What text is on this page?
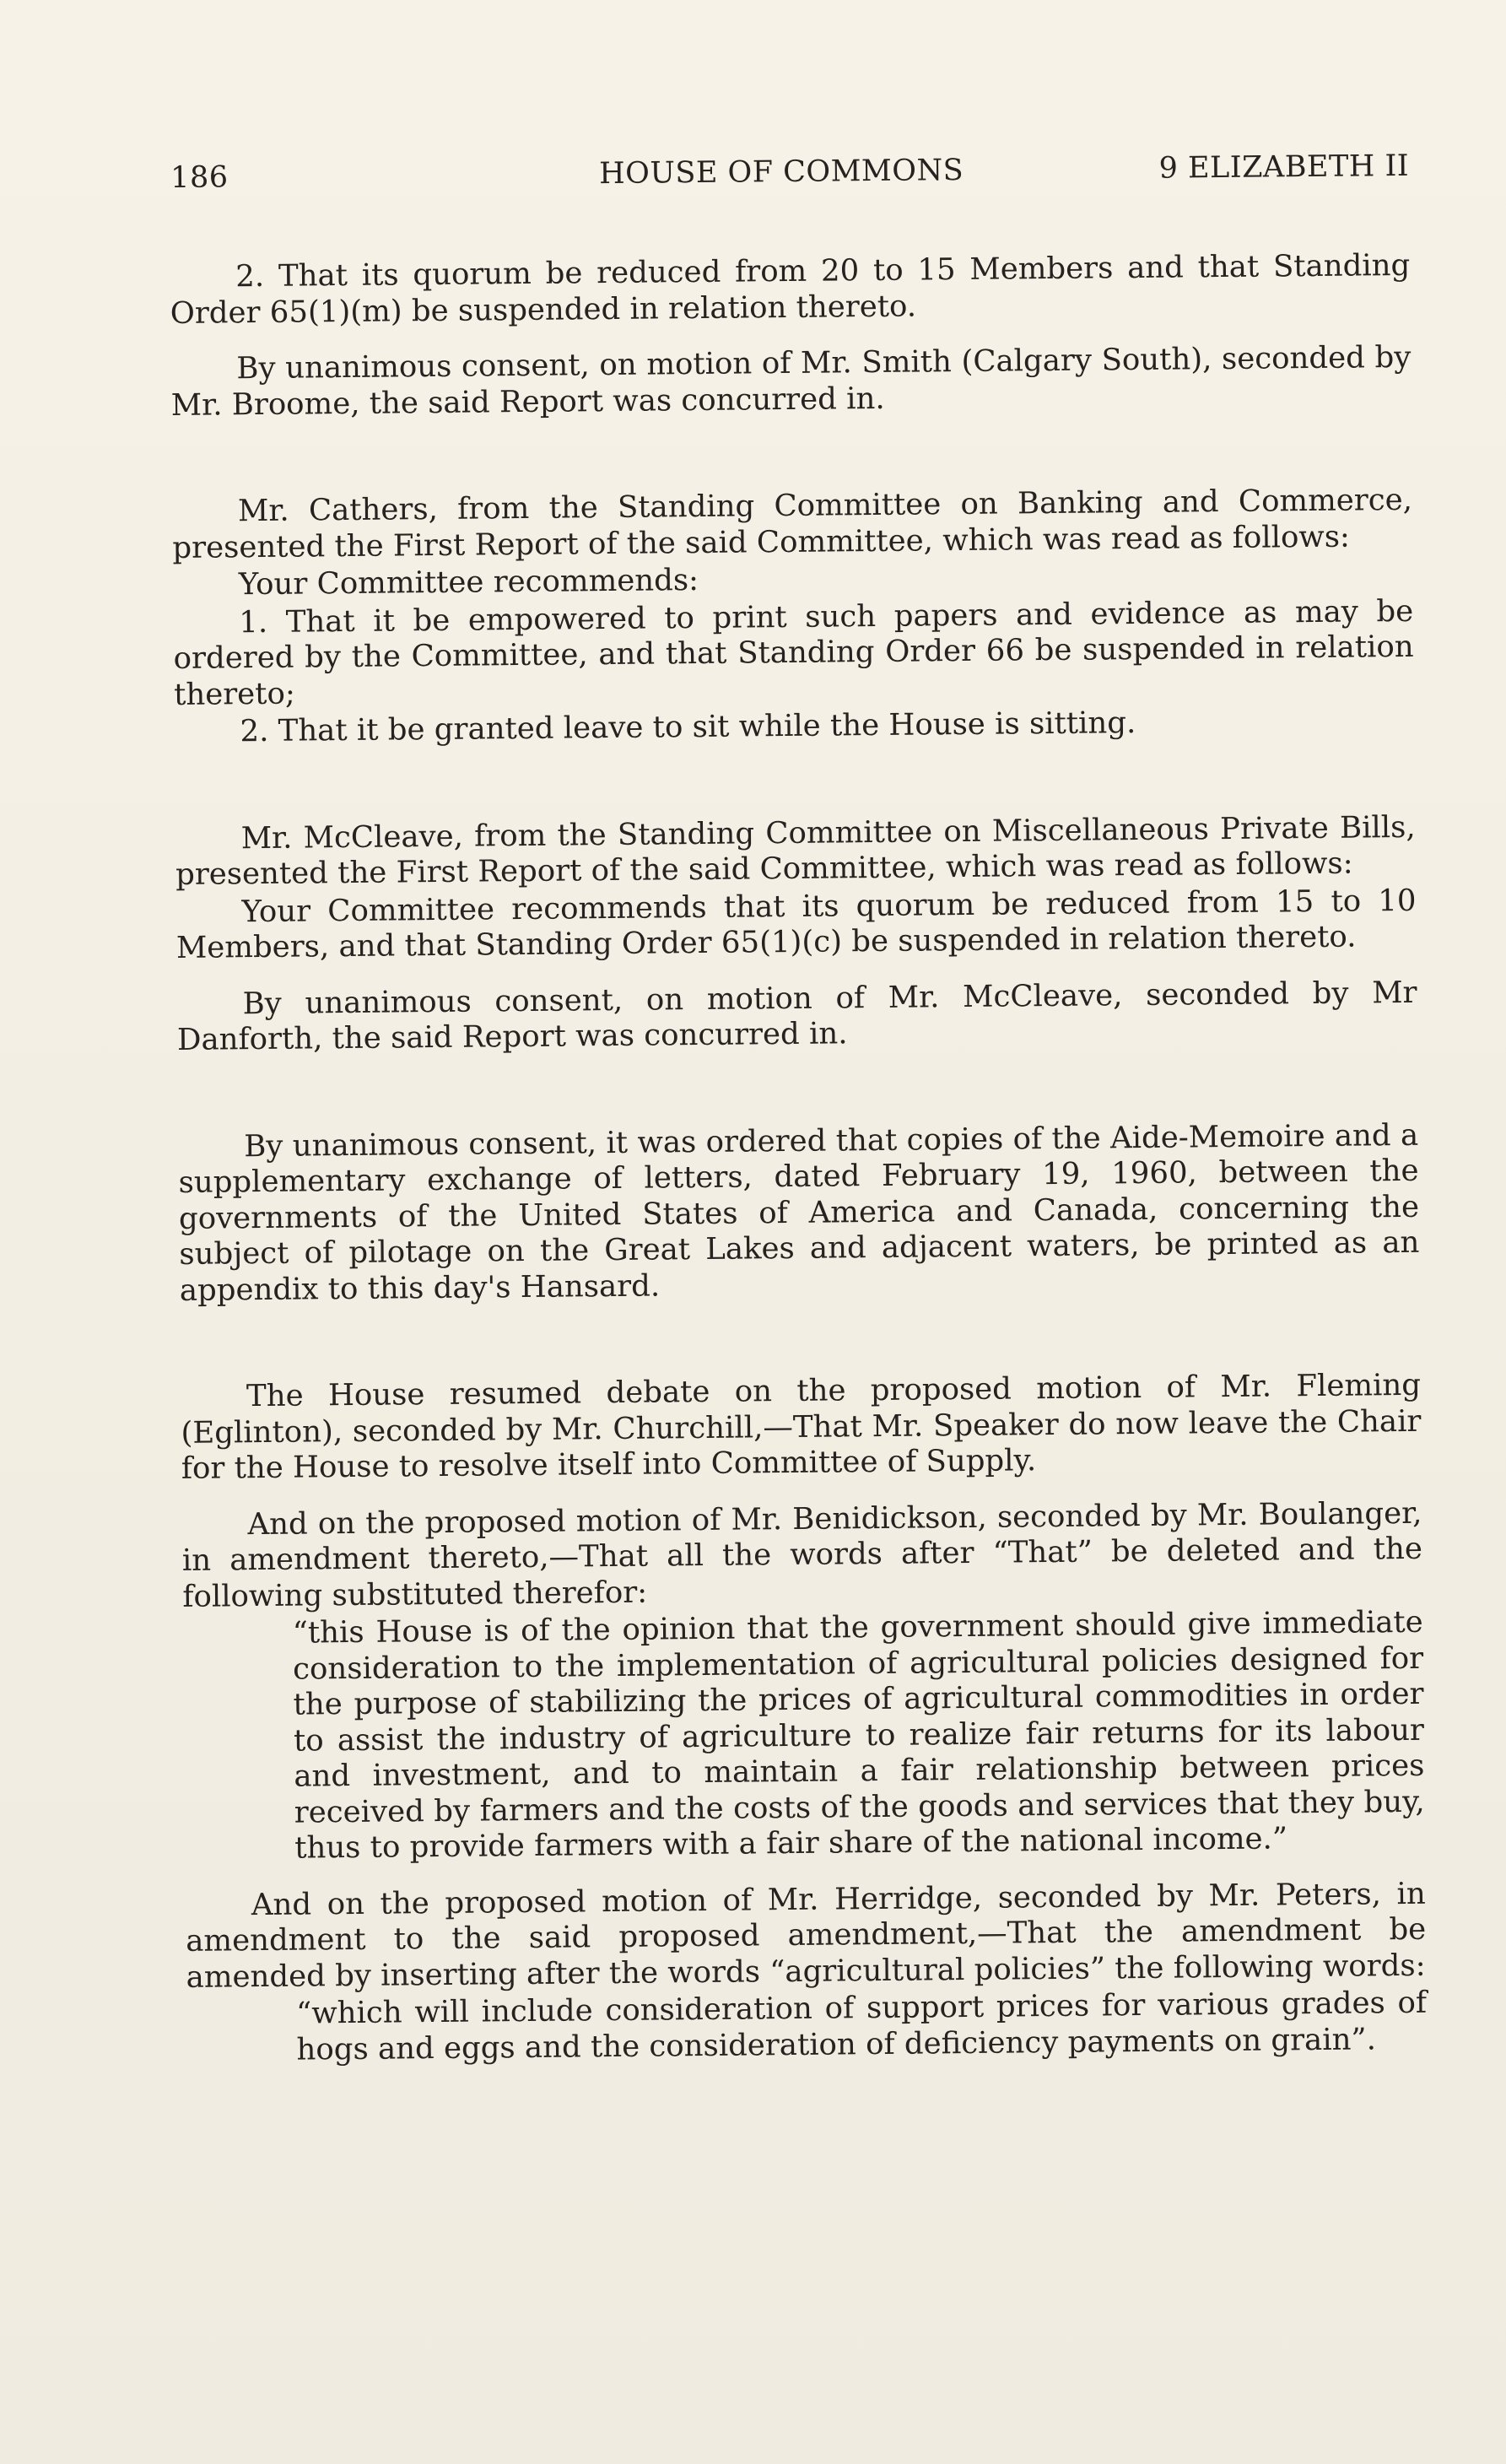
186	HOUSE OF COMMONS	9 ELIZABETH II

2. That its quorum be reduced from 20 to 15 Members and that Standing Order 65(1)(m) be suspended in relation thereto.

By unanimous consent, on motion of Mr. Smith (Calgary South), seconded by Mr. Broome, the said Report was concurred in.

Mr. Cathers, from the Standing Committee on Banking and Commerce, presented the First Report of the said Committee, which was read as follows:

Your Committee recommends:

1. That it be empowered to print such papers and evidence as may be ordered by the Committee, and that Standing Order 66 be suspended in relation thereto;

2. That it be granted leave to sit while the House is sitting.

Mr. McCleave, from the Standing Committee on Miscellaneous Private Bills, presented the First Report of the said Committee, which was read as follows:

Your Committee recommends that its quorum be reduced from 15 to 10 Members, and that Standing Order 65(1)(c) be suspended in relation thereto.

By unanimous consent, on motion of Mr. McCleave, seconded by Mr Danforth, the said Report was concurred in.

By unanimous consent, it was ordered that copies of the Aide-Memoire and a supplementary exchange of letters, dated February 19, 1960, between the governments of the United States of America and Canada, concerning the subject of pilotage on the Great Lakes and adjacent waters, be printed as an appendix to this day's Hansard.

The House resumed debate on the proposed motion of Mr. Fleming (Eglinton), seconded by Mr. Churchill,—That Mr. Speaker do now leave the Chair for the House to resolve itself into Committee of Supply.

And on the proposed motion of Mr. Benidickson, seconded by Mr. Boulanger, in amendment thereto,—That all the words after “That” be deleted and the following substituted therefor:

“this House is of the opinion that the government should give immediate consideration to the implementation of agricultural policies designed for the purpose of stabilizing the prices of agricultural commodities in order to assist the industry of agriculture to realize fair returns for its labour and investment, and to maintain a fair relationship between prices received by farmers and the costs of the goods and services that they buy, thus to provide farmers with a fair share of the national income.”

And on the proposed motion of Mr. Herridge, seconded by Mr. Peters, in amendment to the said proposed amendment,—That the amendment be amended by inserting after the words “agricultural policies” the following words:

“which will include consideration of support prices for various grades of hogs and eggs and the consideration of deficiency payments on grain”.
